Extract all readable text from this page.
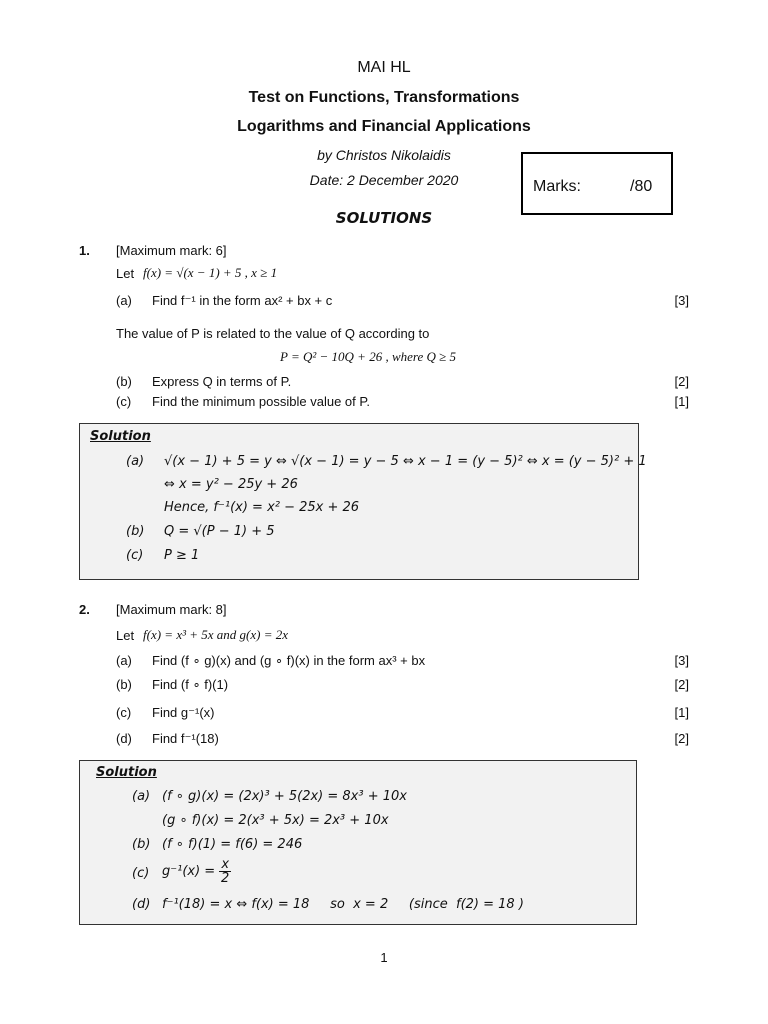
MAI HL
Test on Functions, Transformations
Logarithms and Financial Applications
by Christos Nikolaidis
Date: 2 December 2020
SOLUTIONS
Marks:	/80
1. [Maximum mark: 6]
Let f(x) = √(x − 1) + 5 , x ≥ 1
(a) Find f⁻¹ in the form ax² + bx + c	[3]
The value of P is related to the value of Q according to
P = Q² − 10Q + 26 , where Q ≥ 5
(b) Express Q in terms of P.	[2]
(c) Find the minimum possible value of P.	[1]
Solution
(a) √(x − 1) + 5 = y ⇔ √(x − 1) = y − 5 ⇔ x − 1 = (y − 5)² ⇔ x = (y − 5)² + 1
⇔ x = y² − 25y + 26
Hence, f⁻¹(x) = x² − 25x + 26
(b) Q = √(P − 1) + 5
(c) P ≥ 1
2. [Maximum mark: 8]
Let f(x) = x³ + 5x and g(x) = 2x
(a) Find (f ∘ g)(x) and (g ∘ f)(x) in the form ax³ + bx	[3]
(b) Find (f ∘ f)(1)	[2]
(c) Find g⁻¹(x)	[1]
(d) Find f⁻¹(18)	[2]
Solution
(a) (f ∘ g)(x) = (2x)³ + 5(2x) = 8x³ + 10x
(g ∘ f)(x) = 2(x³ + 5x) = 2x³ + 10x
(b) (f ∘ f)(1) = f(6) = 246
(c) $g^{-1}(x) = \frac{x}{2}$
(d) f⁻¹(18) = x ⇔ f(x) = 18     so  x = 2     (since  f(2) = 18 )
1
